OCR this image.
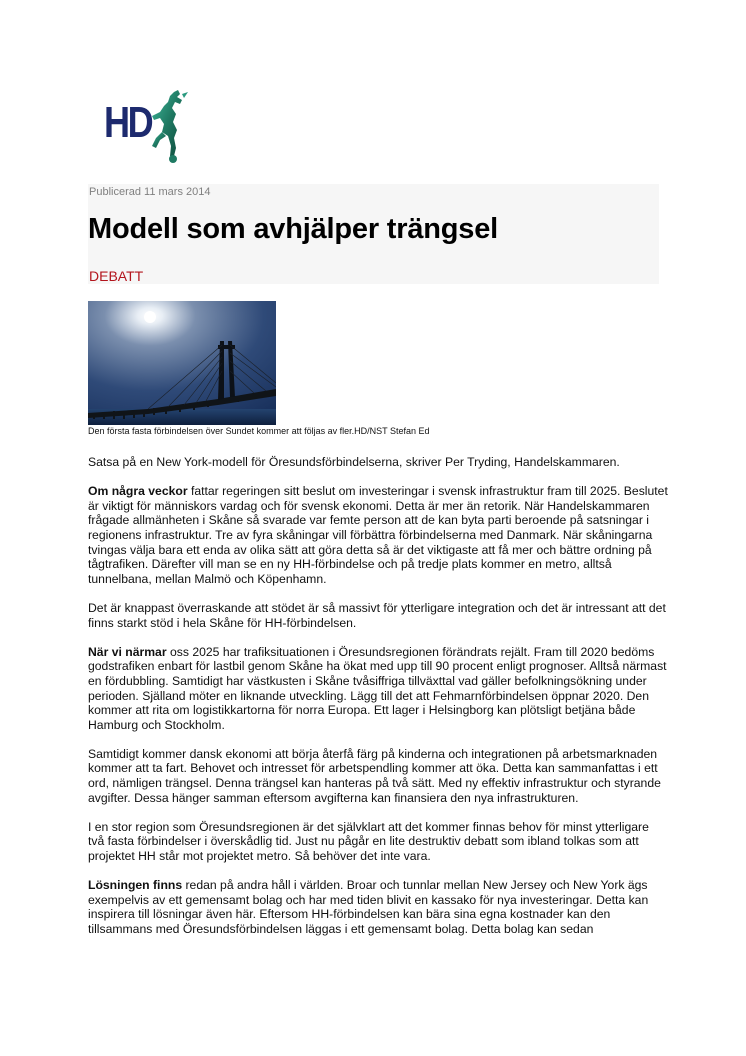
HD
Publicerad 11 mars 2014
Modell som avhjälper trängsel
DEBATT
Den första fasta förbindelsen över Sundet kommer att följas av fler.HD/NST Stefan Ed

Satsa på en New York-modell för Öresundsförbindelserna, skriver Per Tryding, Handelskammaren.

Om några veckor fattar regeringen sitt beslut om investeringar i svensk infrastruktur fram till 2025. Beslutet är viktigt för människors vardag och för svensk ekonomi. Detta är mer än retorik. När Handelskammaren frågade allmänheten i Skåne så svarade var femte person att de kan byta parti beroende på satsningar i regionens infrastruktur. Tre av fyra skåningar vill förbättra förbindelserna med Danmark. När skåningarna tvingas välja bara ett enda av olika sätt att göra detta så är det viktigaste att få mer och bättre ordning på tågtrafiken. Därefter vill man se en ny HH-förbindelse och på tredje plats kommer en metro, alltså tunnelbana, mellan Malmö och Köpenhamn.

Det är knappast överraskande att stödet är så massivt för ytterligare integration och det är intressant att det finns starkt stöd i hela Skåne för HH-förbindelsen.

När vi närmar oss 2025 har trafiksituationen i Öresundsregionen förändrats rejält. Fram till 2020 bedöms godstrafiken enbart för lastbil genom Skåne ha ökat med upp till 90 procent enligt prognoser. Alltså närmast en fördubbling. Samtidigt har västkusten i Skåne tvåsiffriga tillväxttal vad gäller befolkningsökning under perioden. Själland möter en liknande utveckling. Lägg till det att Fehmarnförbindelsen öppnar 2020. Den kommer att rita om logistikkartorna för norra Europa. Ett lager i Helsingborg kan plötsligt betjäna både Hamburg och Stockholm.

Samtidigt kommer dansk ekonomi att börja återfå färg på kinderna och integrationen på arbetsmarknaden kommer att ta fart. Behovet och intresset för arbetspendling kommer att öka. Detta kan sammanfattas i ett ord, nämligen trängsel. Denna trängsel kan hanteras på två sätt. Med ny effektiv infrastruktur och styrande avgifter. Dessa hänger samman eftersom avgifterna kan finansiera den nya infrastrukturen.

I en stor region som Öresundsregionen är det självklart att det kommer finnas behov för minst ytterligare två fasta förbindelser i överskådlig tid. Just nu pågår en lite destruktiv debatt som ibland tolkas som att projektet HH står mot projektet metro. Så behöver det inte vara.

Lösningen finns redan på andra håll i världen. Broar och tunnlar mellan New Jersey och New York ägs exempelvis av ett gemensamt bolag och har med tiden blivit en kassako för nya investeringar. Detta kan inspirera till lösningar även här. Eftersom HH-förbindelsen kan bära sina egna kostnader kan den tillsammans med Öresundsförbindelsen läggas i ett gemensamt bolag. Detta bolag kan sedan
